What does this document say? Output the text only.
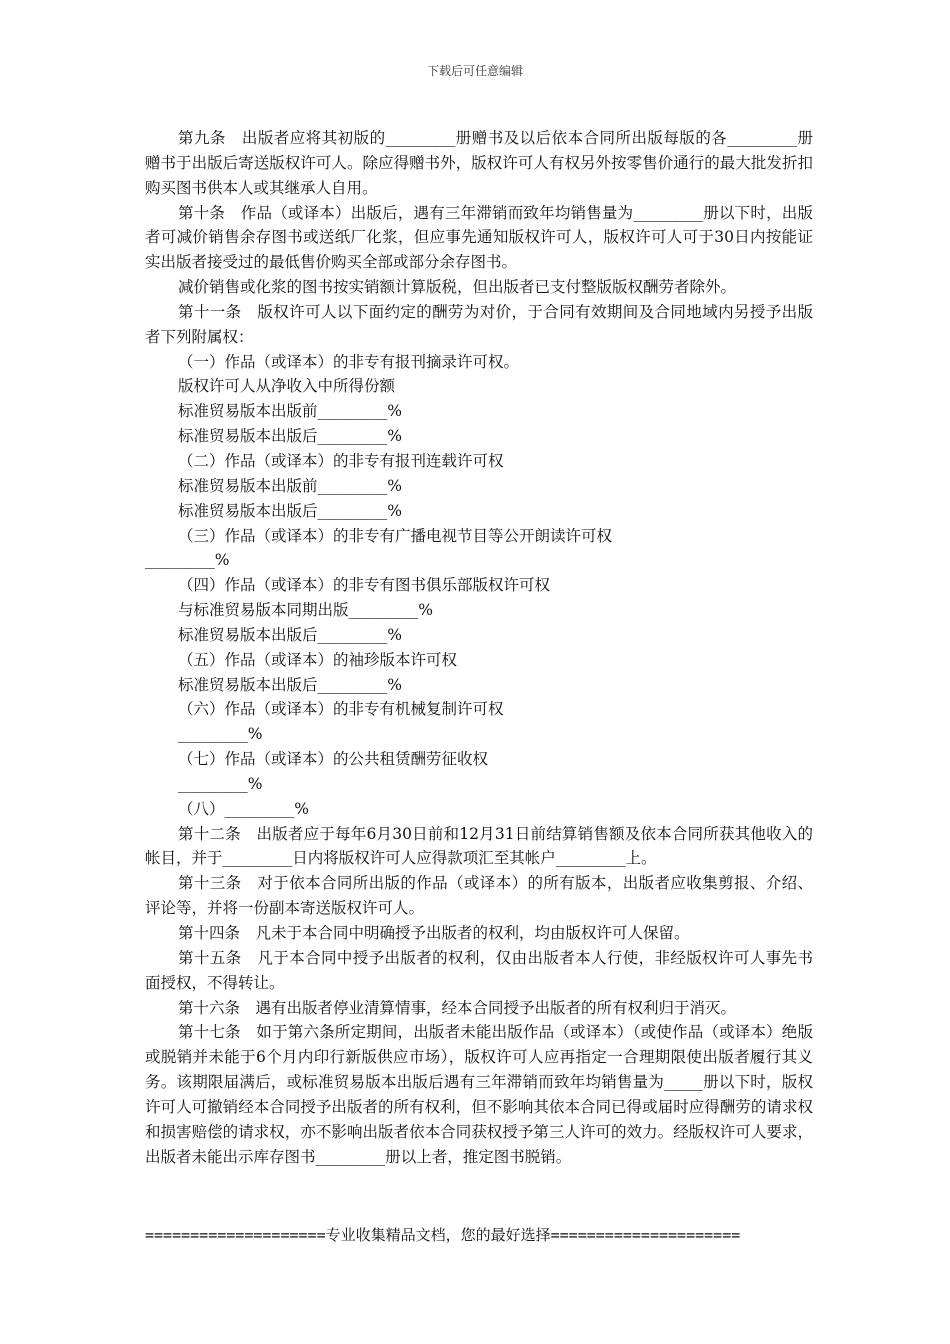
下载后可任意编辑

第九条　出版者应将其初版的_________册赠书及以后依本合同所出版每版的各_________册赠书于出版后寄送版权许可人。除应得赠书外，版权许可人有权另外按零售价通行的最大批发折扣购买图书供本人或其继承人自用。

第十条　作品（或译本）出版后，遇有三年滞销而致年均销售量为_________册以下时，出版者可减价销售余存图书或送纸厂化浆，但应事先通知版权许可人，版权许可人可于30日内按能证实出版者接受过的最低售价购买全部或部分余存图书。

减价销售或化浆的图书按实销额计算版税，但出版者已支付整版版权酬劳者除外。

第十一条　版权许可人以下面约定的酬劳为对价，于合同有效期间及合同地域内另授予出版者下列附属权：

（一）作品（或译本）的非专有报刊摘录许可权。

版权许可人从净收入中所得份额

标准贸易版本出版前_________%

标准贸易版本出版后_________%

（二）作品（或译本）的非专有报刊连载许可权

标准贸易版本出版前_________%

标准贸易版本出版后_________%

（三）作品（或译本）的非专有广播电视节目等公开朗读许可权

_________%

（四）作品（或译本）的非专有图书俱乐部版权许可权

与标准贸易版本同期出版_________%

标准贸易版本出版后_________%

（五）作品（或译本）的袖珍版本许可权

标准贸易版本出版后_________%

（六）作品（或译本）的非专有机械复制许可权

_________%

（七）作品（或译本）的公共租赁酬劳征收权

_________%

（八）_________%

第十二条　出版者应于每年6月30日前和12月31日前结算销售额及依本合同所获其他收入的帐目，并于_________日内将版权许可人应得款项汇至其帐户_________上。

第十三条　对于依本合同所出版的作品（或译本）的所有版本，出版者应收集剪报、介绍、评论等，并将一份副本寄送版权许可人。

第十四条　凡未于本合同中明确授予出版者的权利，均由版权许可人保留。

第十五条　凡于本合同中授予出版者的权利，仅由出版者本人行使，非经版权许可人事先书面授权，不得转让。

第十六条　遇有出版者停业清算情事，经本合同授予出版者的所有权利归于消灭。

第十七条　如于第六条所定期间，出版者未能出版作品（或译本）（或使作品（或译本）绝版或脱销并未能于6个月内印行新版供应市场），版权许可人应再指定一合理期限使出版者履行其义务。该期限届满后，或标准贸易版本出版后遇有三年滞销而致年均销售量为_____册以下时，版权许可人可撤销经本合同授予出版者的所有权利，但不影响其依本合同已得或届时应得酬劳的请求权和损害赔偿的请求权，亦不影响出版者依本合同获权授予第三人许可的效力。经版权许可人要求，出版者未能出示库存图书_________册以上者，推定图书脱销。

====================专业收集精品文档，您的最好选择=====================
